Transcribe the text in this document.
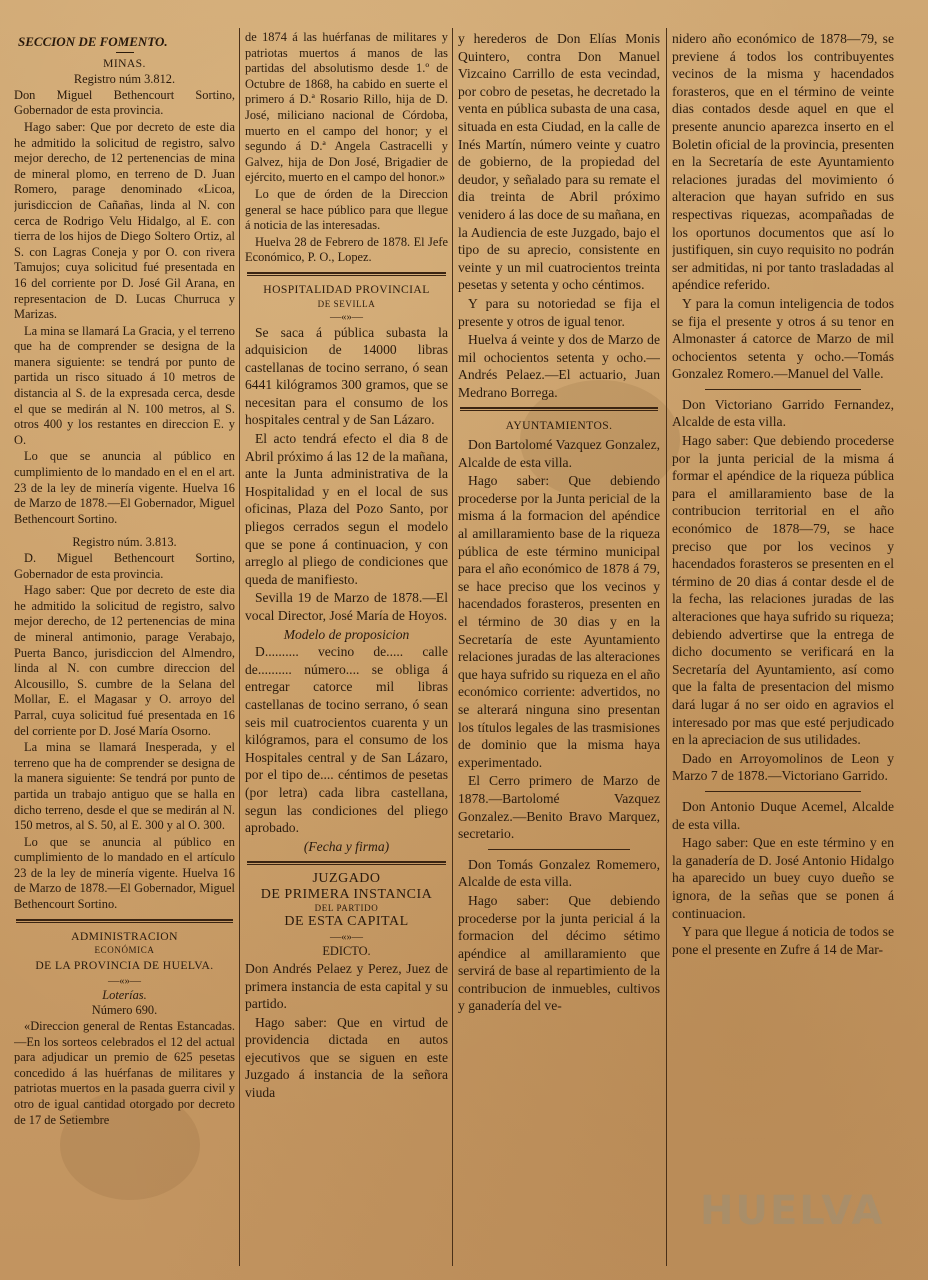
SECCION DE FOMENTO.
MINAS.
Registro núm 3.812.

Don Miguel Bethencourt Sortino, Gobernador de esta provincia.

Hago saber: Que por decreto de este dia he admitido la solicitud de registro, salvo mejor derecho, de 12 pertenencias de mina de mineral plomo, en terreno de D. Juan Romero, parage denominado «Licoa, jurisdiccion de Cañañas, linda al N. con cerca de Rodrigo Velu Hidalgo, al E. con tierra de los hijos de Diego Soltero Ortiz, al S. con Lagras Coneja y por O. con rivera Tamujos; cuya solicitud fué presentada en 16 del corriente por D. José Gil Arana, en representacion de D. Lucas Churruca y Marizas.

La mina se llamará La Gracia, y el terreno que ha de comprender se designa de la manera siguiente: se tendrá por punto de partida un risco situado á 10 metros de distancia al S. de la expresada cerca, desde el que se medirán al N. 100 metros, al S. otros 400 y los restantes en direccion E. y O.

Lo que se anuncia al público en cumplimiento de lo mandado en el en el art. 23 de la ley de minería vigente. Huelva 16 de Marzo de 1878.—El Gobernador, Miguel Bethencourt Sortino.

Registro núm. 3.813.

D. Miguel Bethencourt Sortino, Gobernador de esta provincia.

Hago saber: Que por decreto de este dia he admitido la solicitud de registro, salvo mejor derecho, de 12 pertenencias de mina de mineral antimonio, parage Verabajo, Puerta Banco, jurisdiccion del Almendro, linda al N. con cumbre direccion del Alcousillo, S. cumbre de la Selana del Mollar, E. el Magasar y O. arroyo del Parral, cuya solicitud fué presentada en 16 del corriente por D. José María Osorno.

La mina se llamará Inesperada, y el terreno que ha de comprender se designa de la manera siguiente: Se tendrá por punto de partida un trabajo antiguo que se halla en dicho terreno, desde el que se medirán al N. 150 metros, al S. 50, al E. 300 y al O. 300.

Lo que se anuncia al público en cumplimiento de lo mandado en el artículo 23 de la ley de minería vigente. Huelva 16 de Marzo de 1878.—El Gobernador, Miguel Bethencourt Sortino.

ADMINISTRACION
ECONÓMICA
DE LA PROVINCIA DE HUELVA.
—«»—
Loterías.
Número 690.

«Direccion general de Rentas Estancadas.—En los sorteos celebrados el 12 del actual para adjudicar un premio de 625 pesetas concedido á las huérfanas de militares y patriotas muertos en la pasada guerra civil y otro de igual cantidad otorgado por decreto de 17 de Setiembre

de 1874 á las huérfanas de militares y patriotas muertos á manos de las partidas del absolutismo desde 1.º de Octubre de 1868, ha cabido en suerte el primero á D.ª Rosario Rillo, hija de D. José, miliciano nacional de Córdoba, muerto en el campo del honor; y el segundo á D.ª Angela Castracelli y Galvez, hija de Don José, Brigadier de ejército, muerto en el campo del honor.»

Lo que de órden de la Direccion general se hace público para que llegue á noticia de las interesadas.

Huelva 28 de Febrero de 1878. El Jefe Económico, P. O., Lopez.

HOSPITALIDAD PROVINCIAL
DE SEVILLA
—«»—

Se saca á pública subasta la adquisicion de 14000 libras castellanas de tocino serrano, ó sean 6441 kilógramos 300 gramos, que se necesitan para el consumo de los hospitales central y de San Lázaro.

El acto tendrá efecto el dia 8 de Abril próximo á las 12 de la mañana, ante la Junta administrativa de la Hospitalidad y en el local de sus oficinas, Plaza del Pozo Santo, por pliegos cerrados segun el modelo que se pone á continuacion, y con arreglo al pliego de condiciones que queda de manifiesto.

Sevilla 19 de Marzo de 1878.—El vocal Director, José María de Hoyos.

Modelo de proposicion

D.......... vecino de..... calle de.......... número.... se obliga á entregar catorce mil libras castellanas de tocino serrano, ó sean seis mil cuatrocientos cuarenta y un kilógramos, para el consumo de los Hospitales central y de San Lázaro, por el tipo de.... céntimos de pesetas (por letra) cada libra castellana, segun las condiciones del pliego aprobado.

(Fecha y firma)
JUZGADO
DE PRIMERA INSTANCIA
DEL PARTIDO
DE ESTA CAPITAL
—«»—
EDICTO.

Don Andrés Pelaez y Perez, Juez de primera instancia de esta capital y su partido.

Hago saber: Que en virtud de providencia dictada en autos ejecutivos que se siguen en este Juzgado á instancia de la señora viuda

y herederos de Don Elías Monis Quintero, contra Don Manuel Vizcaino Carrillo de esta vecindad, por cobro de pesetas, he decretado la venta en pública subasta de una casa, situada en esta Ciudad, en la calle de Inés Martín, número veinte y cuatro de gobierno, de la propiedad del deudor, y señalado para su remate el dia treinta de Abril próximo venidero á las doce de su mañana, en la Audiencia de este Juzgado, bajo el tipo de su aprecio, consistente en veinte y un mil cuatrocientos treinta pesetas y setenta y ocho céntimos.

Y para su notoriedad se fija el presente y otros de igual tenor.

Huelva á veinte y dos de Marzo de mil ochocientos setenta y ocho.—Andrés Pelaez.—El actuario, Juan Medrano Borrega.

AYUNTAMIENTOS.

Don Bartolomé Vazquez Gonzalez, Alcalde de esta villa.

Hago saber: Que debiendo procederse por la Junta pericial de la misma á la formacion del apéndice al amillaramiento base de la riqueza pública de este término municipal para el año económico de 1878 á 79, se hace preciso que los vecinos y hacendados forasteros, presenten en el término de 30 dias y en la Secretaría de este Ayuntamiento relaciones juradas de las alteraciones que haya sufrido su riqueza en el año económico corriente: advertidos, no se alterará ninguna sino presentan los títulos legales de las trasmisiones de dominio que la misma haya experimentado.

El Cerro primero de Marzo de 1878.—Bartolomé Vazquez Gonzalez.—Benito Bravo Marquez, secretario.

Don Tomás Gonzalez Romemero, Alcalde de esta villa.

Hago saber: Que debiendo procederse por la junta pericial á la formacion del décimo sétimo apéndice al amillaramiento que servirá de base al repartimiento de la contribucion de inmuebles, cultivos y ganadería del ve-

nidero año económico de 1878—79, se previene á todos los contribuyentes vecinos de la misma y hacendados forasteros, que en el término de veinte dias contados desde aquel en que el presente anuncio aparezca inserto en el Boletin oficial de la provincia, presenten en la Secretaría de este Ayuntamiento relaciones juradas del movimiento ó alteracion que hayan sufrido en sus respectivas riquezas, acompañadas de los oportunos documentos que así lo justifiquen, sin cuyo requisito no podrán ser admitidas, ni por tanto trasladadas al apéndice referido.

Y para la comun inteligencia de todos se fija el presente y otros á su tenor en Almonaster á catorce de Marzo de mil ochocientos setenta y ocho.—Tomás Gonzalez Romero.—Manuel del Valle.

Don Victoriano Garrido Fernandez, Alcalde de esta villa.

Hago saber: Que debiendo procederse por la junta pericial de la misma á formar el apéndice de la riqueza pública para el amillaramiento base de la contribucion territorial en el año económico de 1878—79, se hace preciso que por los vecinos y hacendados forasteros se presenten en el término de 20 dias á contar desde el de la fecha, las relaciones juradas de las alteraciones que haya sufrido su riqueza; debiendo advertirse que la entrega de dicho documento se verificará en la Secretaría del Ayuntamiento, así como que la falta de presentacion del mismo dará lugar á no ser oido en agravios el interesado por mas que esté perjudicado en la apreciacion de sus utilidades.

Dado en Arroyomolinos de Leon y Marzo 7 de 1878.—Victoriano Garrido.

Don Antonio Duque Acemel, Alcalde de esta villa.

Hago saber: Que en este término y en la ganadería de D. José Antonio Hidalgo ha aparecido un buey cuyo dueño se ignora, de la señas que se ponen á continuacion.

Y para que llegue á noticia de todos se pone el presente en Zufre á 14 de Mar-

HUELVA
